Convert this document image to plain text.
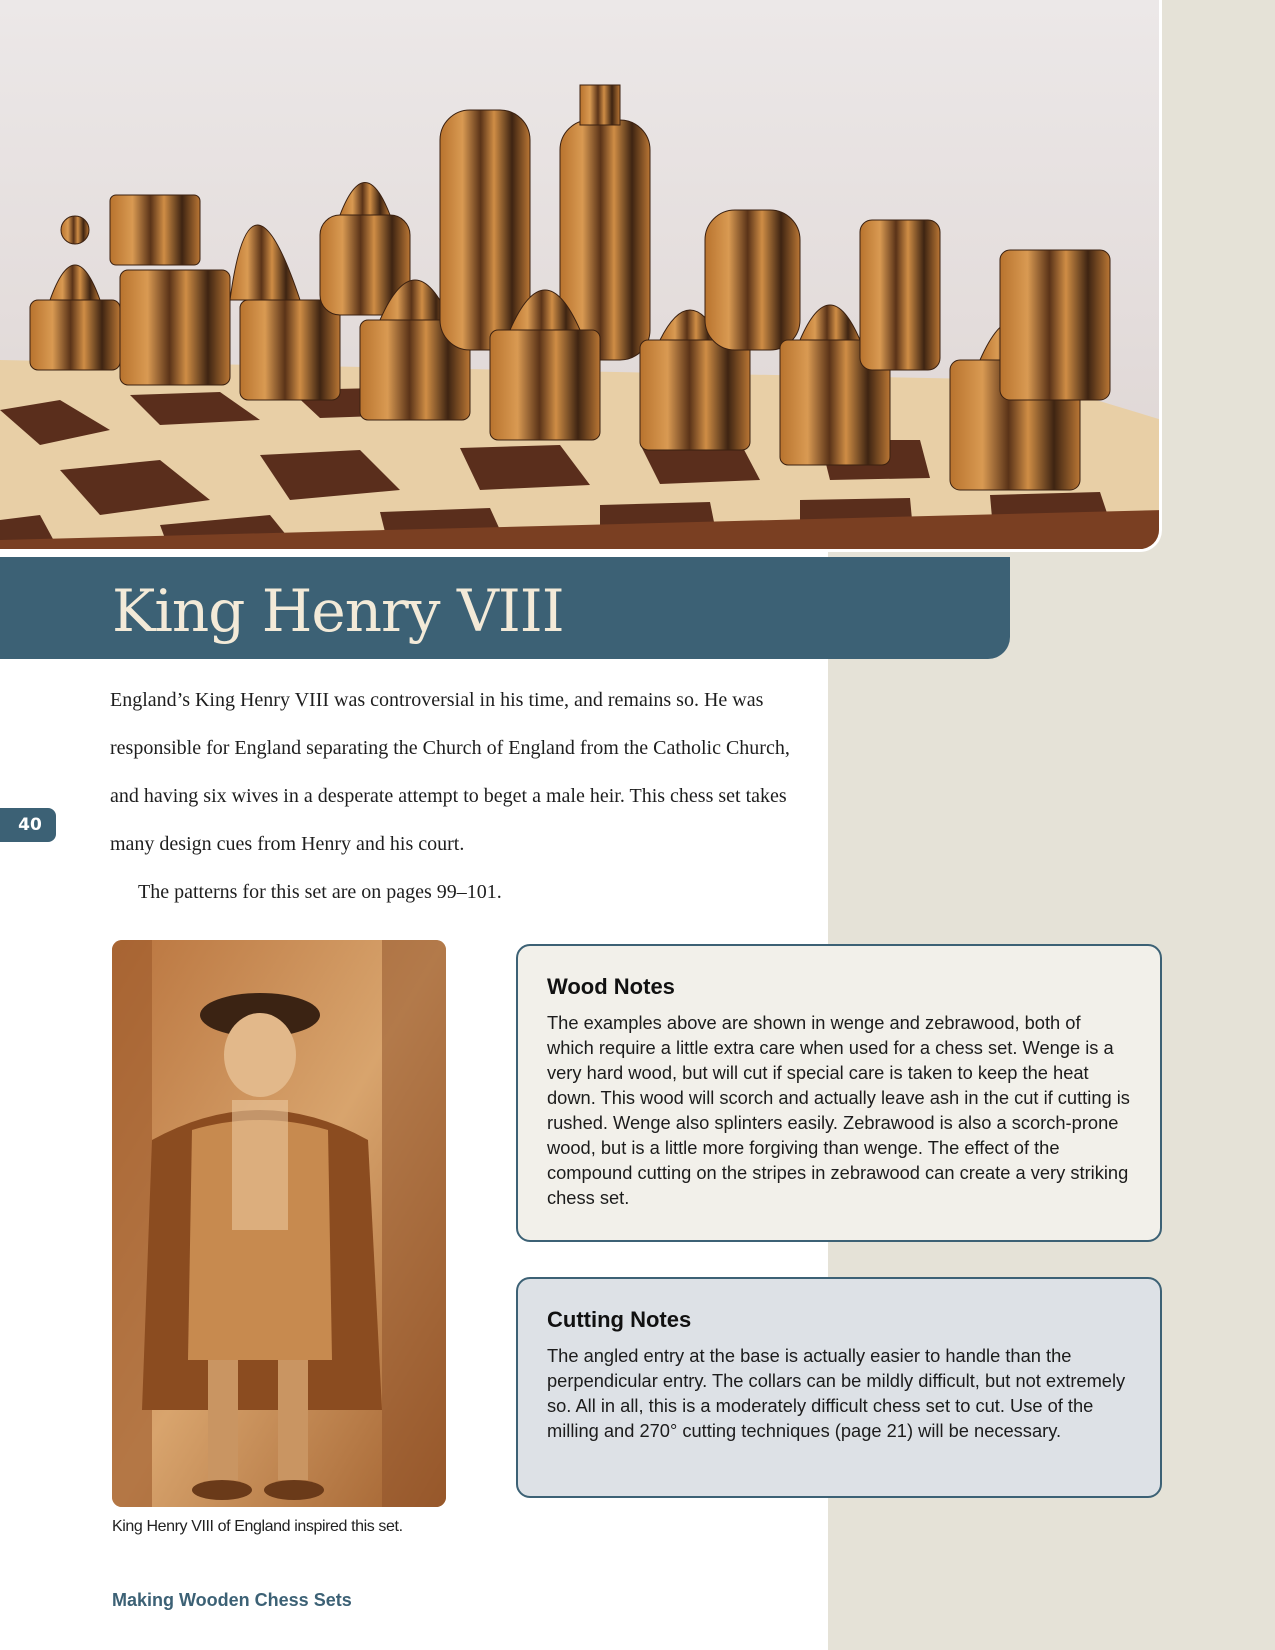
King Henry VIII
40

England’s King Henry VIII was controversial in his time, and remains so. He was responsible for England separating the Church of England from the Catholic Church, and having six wives in a desperate attempt to beget a male heir. This chess set takes many design cues from Henry and his court.

The patterns for this set are on pages 99–101.

King Henry VIII of England inspired this set.
Wood Notes

The examples above are shown in wenge and zebrawood, both of which require a little extra care when used for a chess set. Wenge is a very hard wood, but will cut if special care is taken to keep the heat down. This wood will scorch and actually leave ash in the cut if cutting is rushed. Wenge also splinters easily. Zebrawood is also a scorch-prone wood, but is a little more forgiving than wenge. The effect of the compound cutting on the stripes in zebrawood can create a very striking chess set.

Cutting Notes

The angled entry at the base is actually easier to handle than the perpendicular entry. The collars can be mildly difficult, but not extremely so. All in all, this is a moderately difficult chess set to cut. Use of the milling and 270° cutting techniques (page 21) will be necessary.

Making Wooden Chess Sets
